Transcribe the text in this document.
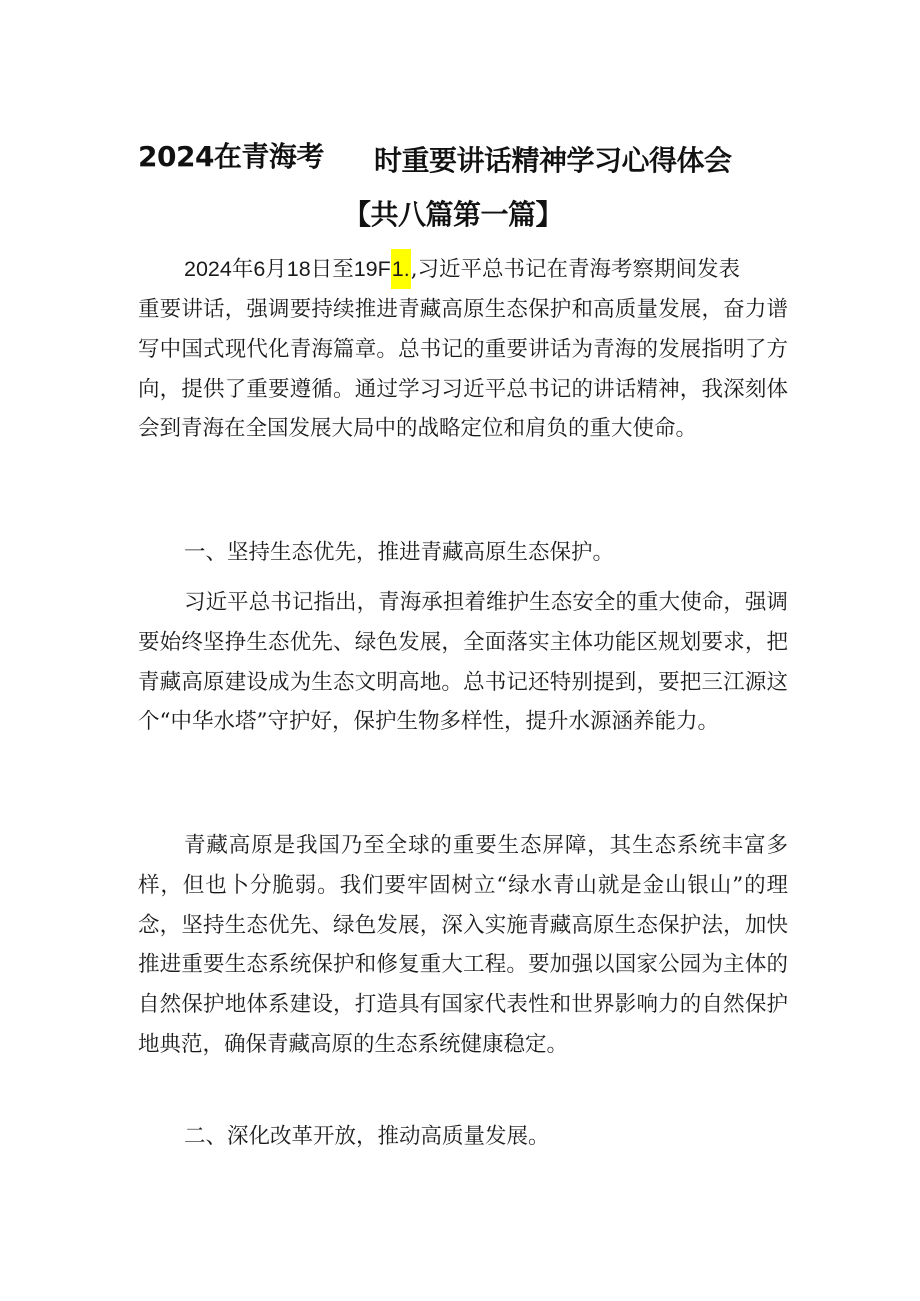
2024在青海考 时重要讲话精神学习心得体会
【共八篇第一篇】
2024年6月18日至19F1.,习近平总书记在青海考察期间发表

重要讲话，强调要持续推进青藏高原生态保护和高质量发展，奋力谱写中国式现代化青海篇章。总书记的重要讲话为青海的发展指明了方向，提供了重要遵循。通过学习习近平总书记的讲话精神，我深刻体会到青海在全国发展大局中的战略定位和肩负的重大使命。

一、坚持生态优先，推进青藏高原生态保护。

习近平总书记指出，青海承担着维护生态安全的重大使命，强调要始终坚挣生态优先、绿色发展，全面落实主体功能区规划要求，把青藏高原建设成为生态文明高地。总书记还特别提到，要把三江源这个“中华水塔”守护好，保护生物多样性，提升水源涵养能力。

青藏高原是我国乃至全球的重要生态屏障，其生态系统丰富多样，但也卜分脆弱。我们要牢固树立“绿水青山就是金山银山”的理念，坚持生态优先、绿色发展，深入实施青藏高原生态保护法，加快推进重要生态系统保护和修复重大工程。要加强以国家公园为主体的自然保护地体系建设，打造具有国家代表性和世界影响力的自然保护地典范，确保青藏高原的生态系统健康稳定。

二、深化改革开放，推动高质量发展。
